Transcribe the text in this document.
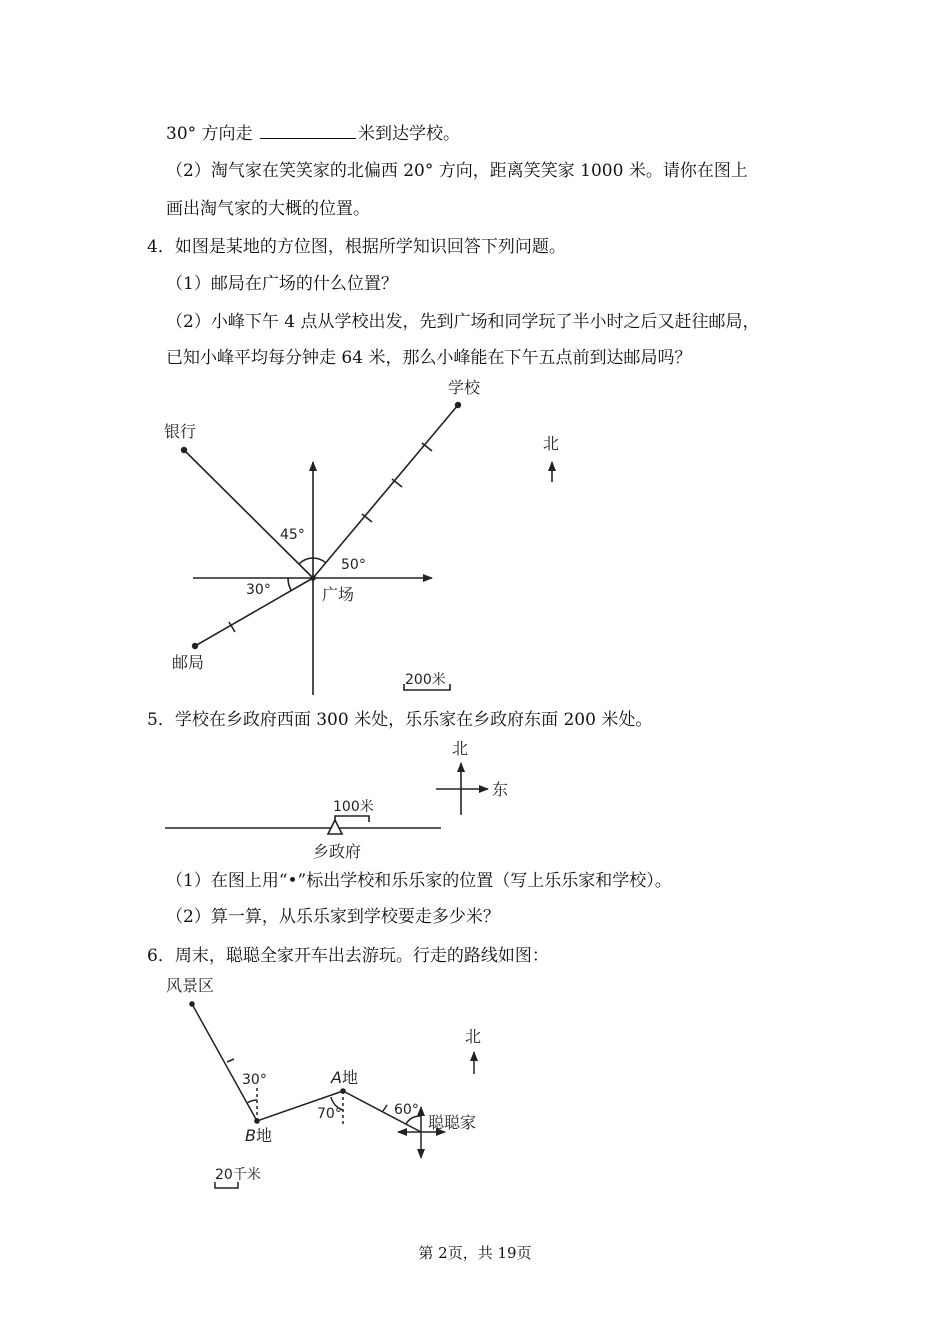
30° 方向走	米到达学校。
（2）淘气家在笑笑家的北偏西 20° 方向，距离笑笑家 1000 米。请你在图上
画出淘气家的大概的位置。
4．如图是某地的方位图，根据所学知识回答下列问题。
（1）邮局在广场的什么位置？
（2）小峰下午 4 点从学校出发，先到广场和同学玩了半小时之后又赶往邮局，
已知小峰平均每分钟走 64 米，那么小峰能在下午五点前到达邮局吗？
学校
银行
邮局
广场
北
45°
50°
30°
200米
100米
乡政府
北
东
风景区
B地
A地
聪聪家
北
30°
70°	60°
20千米
5．学校在乡政府西面 300 米处，乐乐家在乡政府东面 200 米处。
（1）在图上用“•”标出学校和乐乐家的位置（写上乐乐家和学校）。
（2）算一算，从乐乐家到学校要走多少米？
6．周末，聪聪全家开车出去游玩。行走的路线如图：
第 2页，共 19页
